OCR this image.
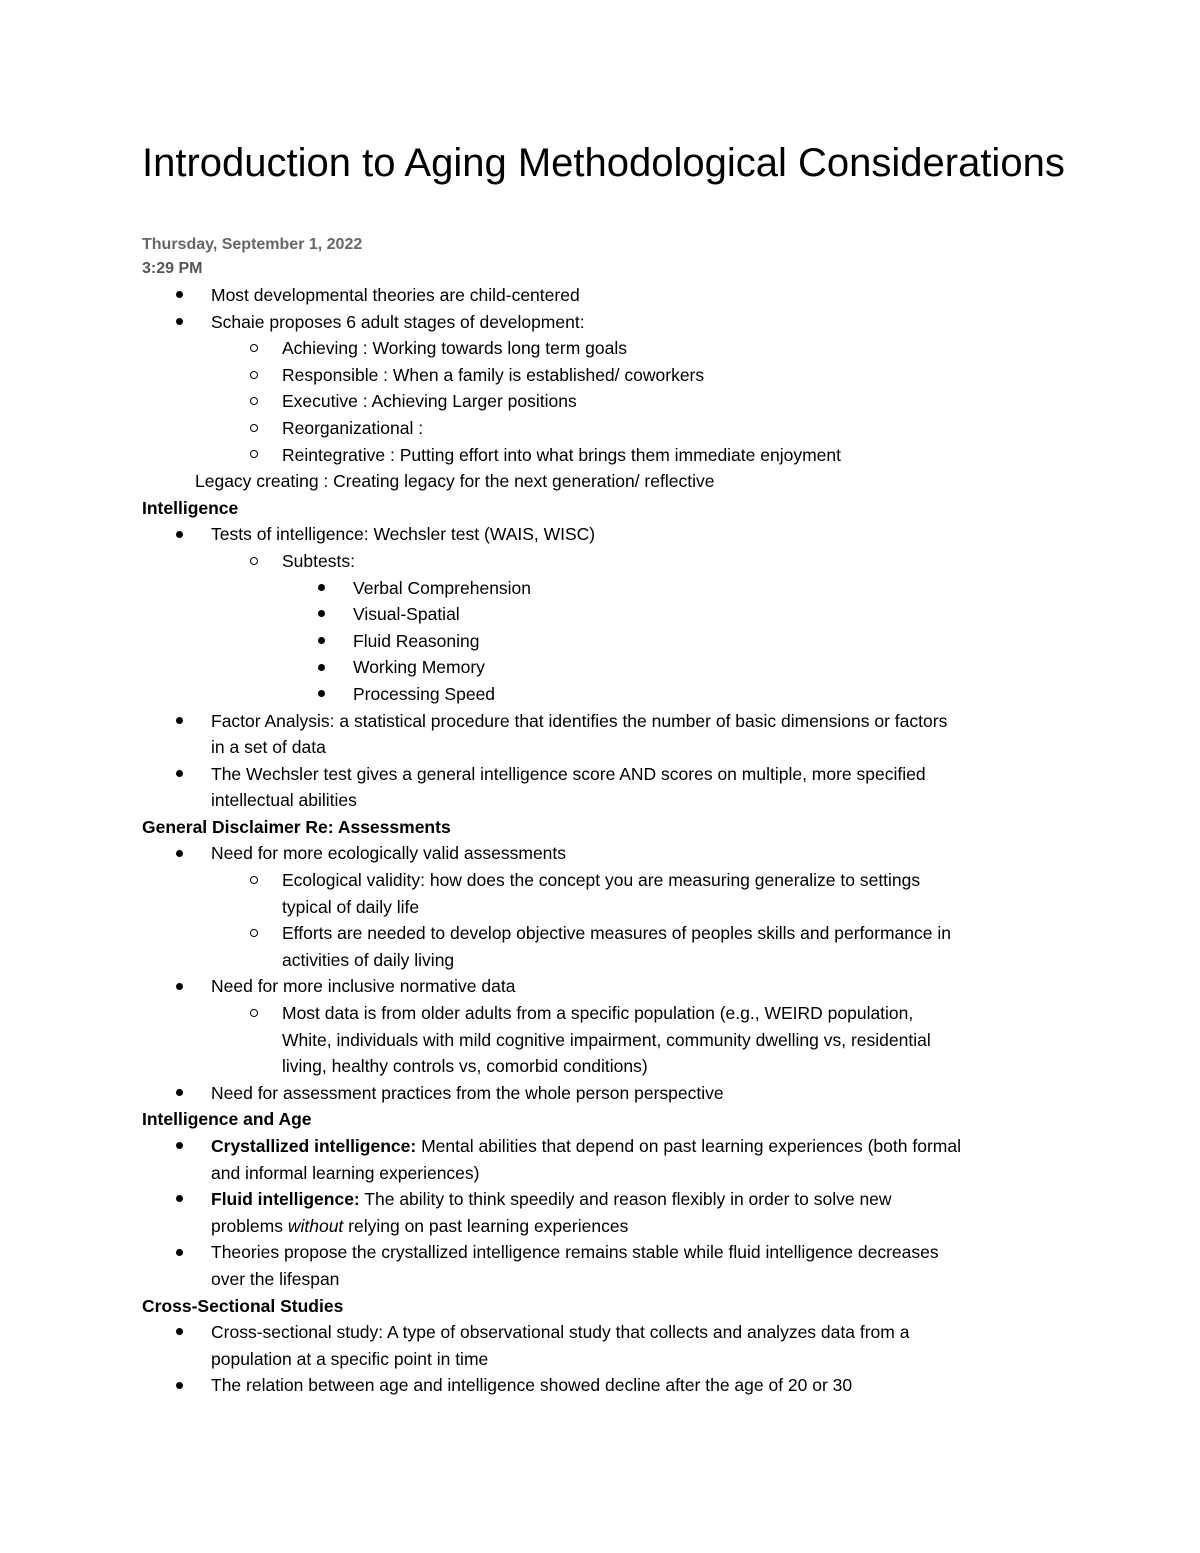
Introduction to Aging Methodological Considerations
Thursday, September 1, 2022
3:29 PM
Most developmental theories are child-centered
Schaie proposes 6 adult stages of development:
Achieving : Working towards long term goals
Responsible : When a family is established/ coworkers
Executive : Achieving Larger positions
Reorganizational :
Reintegrative : Putting effort into what brings them immediate enjoyment
Legacy creating : Creating legacy for the next generation/ reflective
Intelligence
Tests of intelligence: Wechsler test (WAIS, WISC)
Subtests:
Verbal Comprehension
Visual-Spatial
Fluid Reasoning
Working Memory
Processing Speed
Factor Analysis: a statistical procedure that identifies the number of basic dimensions or factors
in a set of data
The Wechsler test gives a general intelligence score AND scores on multiple, more specified
intellectual abilities
General Disclaimer Re: Assessments
Need for more ecologically valid assessments
Ecological validity: how does the concept you are measuring generalize to settings
typical of daily life
Efforts are needed to develop objective measures of peoples skills and performance in
activities of daily living
Need for more inclusive normative data
Most data is from older adults from a specific population (e.g., WEIRD population,
White, individuals with mild cognitive impairment, community dwelling vs, residential
living, healthy controls vs, comorbid conditions)
Need for assessment practices from the whole person perspective
Intelligence and Age
Crystallized intelligence: Mental abilities that depend on past learning experiences (both formal
and informal learning experiences)
Fluid intelligence: The ability to think speedily and reason flexibly in order to solve new
problems without relying on past learning experiences
Theories propose the crystallized intelligence remains stable while fluid intelligence decreases
over the lifespan
Cross-Sectional Studies
Cross-sectional study: A type of observational study that collects and analyzes data from a
population at a specific point in time
The relation between age and intelligence showed decline after the age of 20 or 30
